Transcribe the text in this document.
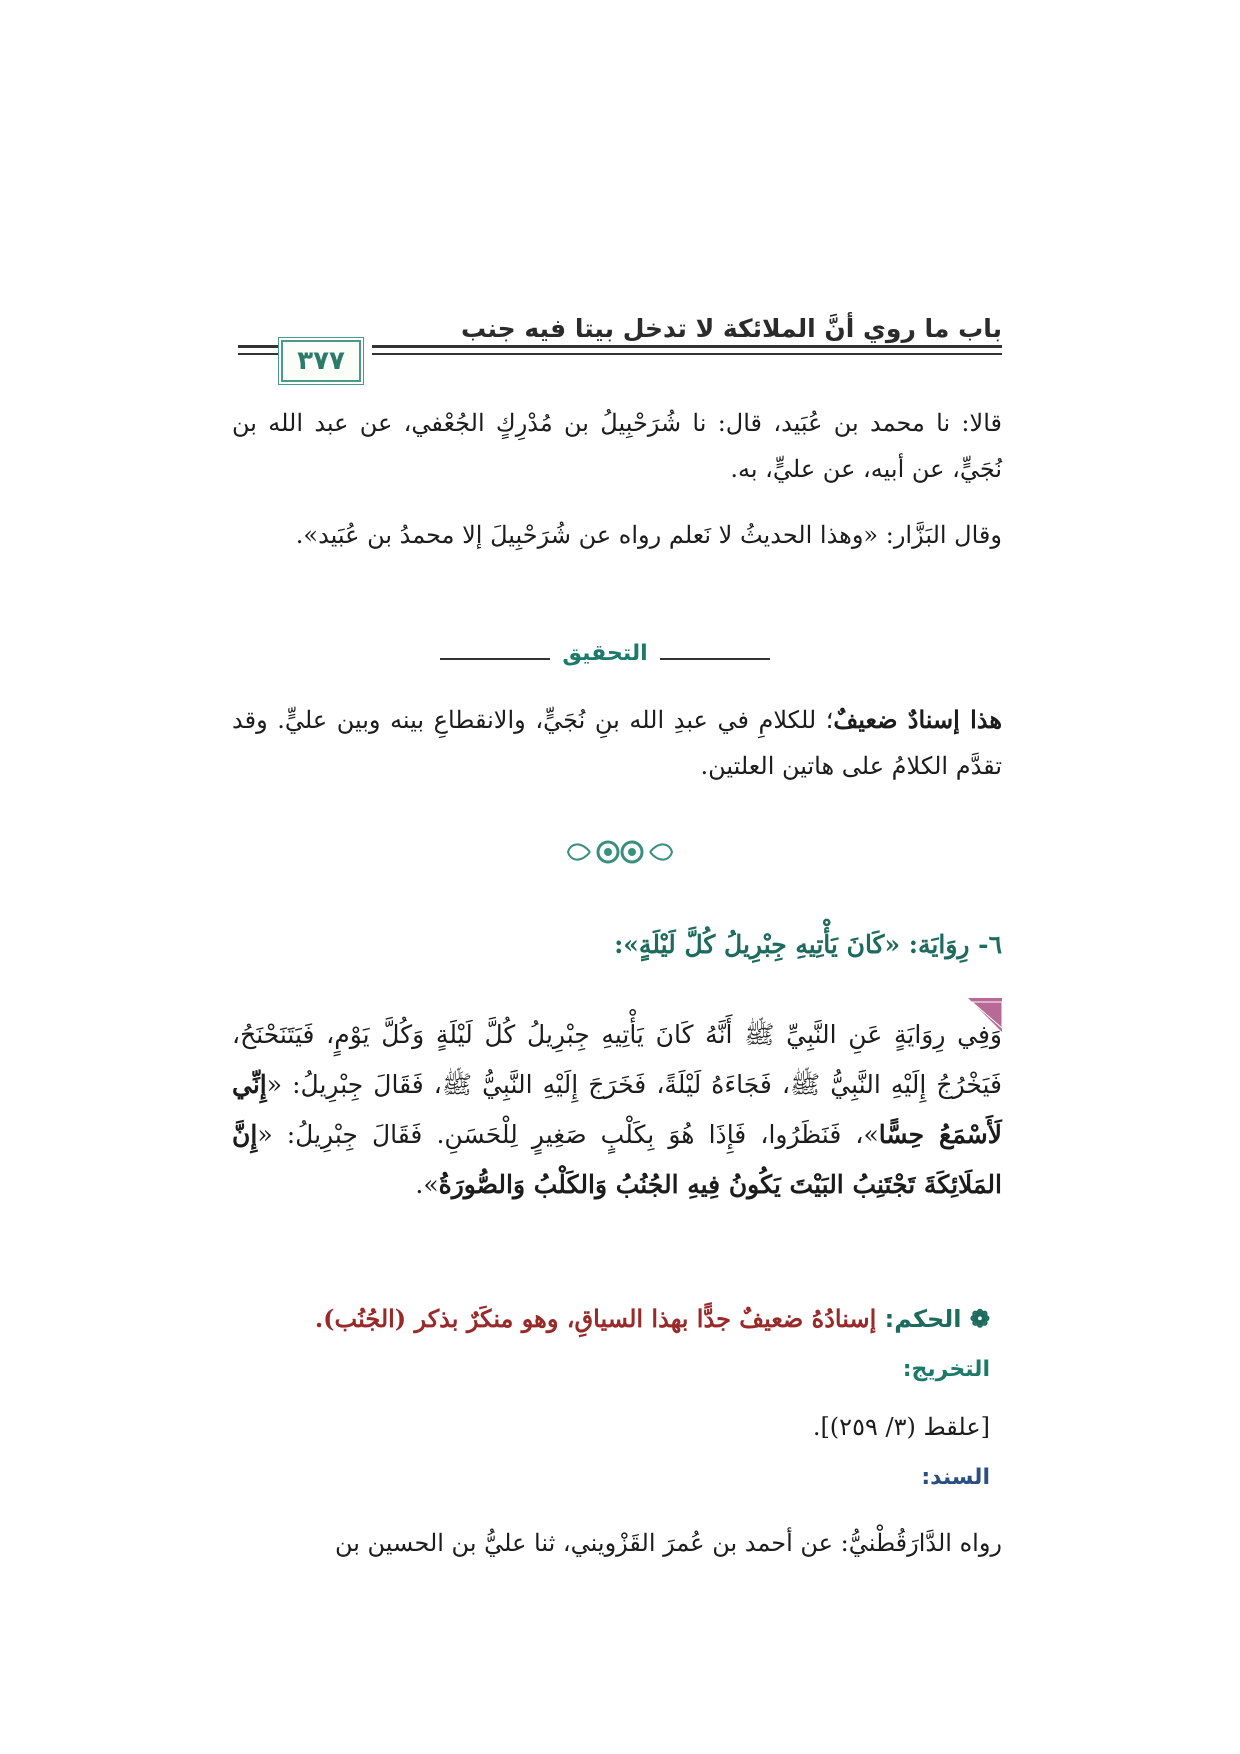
باب ما روي أنَّ الملائكة لا تدخل بيتا فيه جنب
٣٧٧
قالا: نا محمد بن عُبَيد، قال: نا شُرَحْبِيلُ بن مُدْرِكٍ الجُعْفي، عن عبد الله بن نُجَيٍّ، عن أبيه، عن عليٍّ، به.
وقال البَزَّار: «وهذا الحديثُ لا نَعلم رواه عن شُرَحْبِيلَ إلا محمدُ بن عُبَيد».
التحقيق
هذا إسنادٌ ضعيفٌ؛ للكلامِ في عبدِ الله بنِ نُجَيٍّ، والانقطاعِ بينه وبين عليٍّ. وقد تقدَّم الكلامُ على هاتين العلتين.
٦- رِوَايَة: «كَانَ يَأْتِيهِ جِبْرِيلُ كُلَّ لَيْلَةٍ»:
وَفِي رِوَايَةٍ عَنِ النَّبِيِّ ﷺ أَنَّهُ كَانَ يَأْتِيهِ جِبْرِيلُ كُلَّ لَيْلَةٍ وَكُلَّ يَوْمٍ، فَيَتَنَحْنَحُ، فَيَخْرُجُ إِلَيْهِ النَّبِيُّ ﷺ، فَجَاءَهُ لَيْلَةً، فَخَرَجَ إِلَيْهِ النَّبِيُّ ﷺ، فَقَالَ جِبْرِيلُ: «إِنِّي لَأَسْمَعُ حِسًّا»، فَنَظَرُوا، فَإِذَا هُوَ بِكَلْبٍ صَغِيرٍ لِلْحَسَنِ. فَقَالَ جِبْرِيلُ: «إِنَّ المَلَائِكَةَ تَجْتَنِبُ البَيْتَ يَكُونُ فِيهِ الجُنُبُ وَالكَلْبُ وَالصُّورَةُ».
❁ الحكم: إسنادُهُ ضعيفٌ جدًّا بهذا السياقِ، وهو منكَرٌ بذكر (الجُنُب).
التخريج:
[علقط (٣/ ٢٥٩)].
السند:
رواه الدَّارَقُطْنيُّ: عن أحمد بن عُمرَ القَزْويني، ثنا عليُّ بن الحسين بن
